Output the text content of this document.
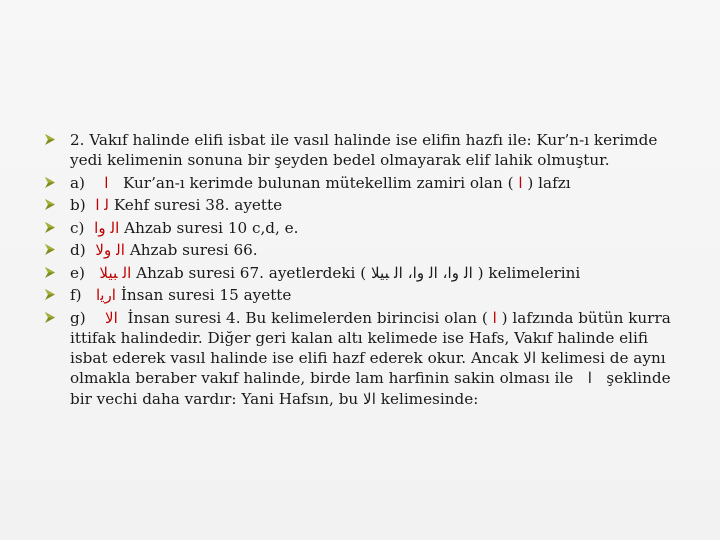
2. Vakıf halinde elifi isbat ile vasıl halinde ise elifin hazfı ile: Kur’n-ı kerimde yedi kelimenin sonuna bir şeyden bedel olmayarak elif lahik olmuştur.
a) ا Kur’an-ı kerimde bulunan mütekellim zamiri olan ( ا ) lafzı
b) ﻟ ﺍ Kehf suresi 38. ayette
c) ﺍﻟ ﻭﺍ Ahzab suresi 10 c,d, e.
d) ﺍﻟ ﻭﻻ Ahzab suresi 66.
e) ﺍﻟ ﺒﻴﻼ Ahzab suresi 67. ayetlerdeki ( ﺍﻟ ﻭﺍ، ﺍﻟ ﻭﺍ، ﺍﻟ ﺒﻴﻼ ) kelimelerini
f) ﺍﺭﻳﺍ İnsan suresi 15 ayette
g) ﺍﻻ İnsan suresi 4. Bu kelimelerden birincisi olan ( ا ) lafzında bütün kurra ittifak halindedir. Diğer geri kalan altı kelimede ise Hafs, Vakıf halinde elifi isbat ederek vasıl halinde ise elifi hazf ederek okur. Ancak ﺍﻻ kelimesi de aynı olmakla beraber vakıf halinde, birde lam harfinin sakin olması ile ا şeklinde bir vechi daha vardır: Yani Hafsın, bu ﺍﻻ kelimesinde:
